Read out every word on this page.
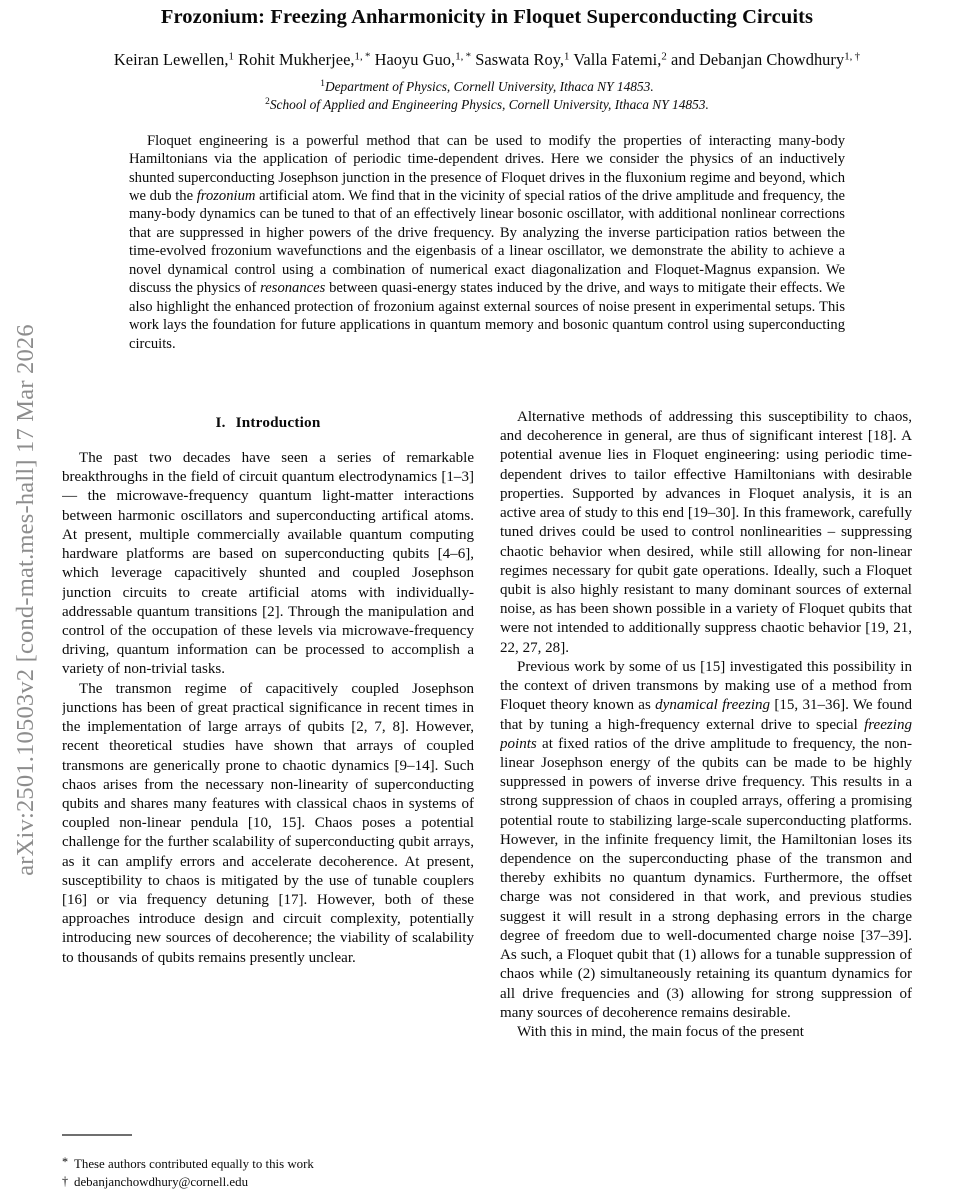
arXiv:2501.10503v2 [cond-mat.mes-hall] 17 Mar 2026
Frozonium: Freezing Anharmonicity in Floquet Superconducting Circuits
Keiran Lewellen,$^1$ Rohit Mukherjee,$^{1, *}$ Haoyu Guo,$^{1, *}$ Saswata Roy,$^1$ Valla Fatemi,$^2$ and Debanjan Chowdhury$^{1, \dagger}$
$^1$Department of Physics, Cornell University, Ithaca NY 14853.
$^2$School of Applied and Engineering Physics, Cornell University, Ithaca NY 14853.

Floquet engineering is a powerful method that can be used to modify the properties of interacting many-body Hamiltonians via the application of periodic time-dependent drives. Here we consider the physics of an inductively shunted superconducting Josephson junction in the presence of Floquet drives in the fluxonium regime and beyond, which we dub the frozonium artificial atom. We find that in the vicinity of special ratios of the drive amplitude and frequency, the many-body dynamics can be tuned to that of an effectively linear bosonic oscillator, with additional nonlinear corrections that are suppressed in higher powers of the drive frequency. By analyzing the inverse participation ratios between the time-evolved frozonium wavefunctions and the eigenbasis of a linear oscillator, we demonstrate the ability to achieve a novel dynamical control using a combination of numerical exact diagonalization and Floquet-Magnus expansion. We discuss the physics of resonances between quasi-energy states induced by the drive, and ways to mitigate their effects. We also highlight the enhanced protection of frozonium against external sources of noise present in experimental setups. This work lays the foundation for future applications in quantum memory and bosonic quantum control using superconducting circuits.

I. Introduction

The past two decades have seen a series of remarkable breakthroughs in the field of circuit quantum electrodynamics [1–3] — the microwave-frequency quantum light-matter interactions between harmonic oscillators and superconducting artifical atoms. At present, multiple commercially available quantum computing hardware platforms are based on superconducting qubits [4–6], which leverage capacitively shunted and coupled Josephson junction circuits to create artificial atoms with individually-addressable quantum transitions [2]. Through the manipulation and control of the occupation of these levels via microwave-frequency driving, quantum information can be processed to accomplish a variety of non-trivial tasks.

The transmon regime of capacitively coupled Josephson junctions has been of great practical significance in recent times in the implementation of large arrays of qubits [2, 7, 8]. However, recent theoretical studies have shown that arrays of coupled transmons are generically prone to chaotic dynamics [9–14]. Such chaos arises from the necessary non-linearity of superconducting qubits and shares many features with classical chaos in systems of coupled non-linear pendula [10, 15]. Chaos poses a potential challenge for the further scalability of superconducting qubit arrays, as it can amplify errors and accelerate decoherence. At present, susceptibility to chaos is mitigated by the use of tunable couplers [16] or via frequency detuning [17]. However, both of these approaches introduce design and circuit complexity, potentially introducing new sources of decoherence; the viability of scalability to thousands of qubits remains presently unclear.

* These authors contributed equally to this work
† debanjanchowdhury@cornell.edu

Alternative methods of addressing this susceptibility to chaos, and decoherence in general, are thus of significant interest [18]. A potential avenue lies in Floquet engineering: using periodic time-dependent drives to tailor effective Hamiltonians with desirable properties. Supported by advances in Floquet analysis, it is an active area of study to this end [19–30]. In this framework, carefully tuned drives could be used to control nonlinearities – suppressing chaotic behavior when desired, while still allowing for non-linear regimes necessary for qubit gate operations. Ideally, such a Floquet qubit is also highly resistant to many dominant sources of external noise, as has been shown possible in a variety of Floquet qubits that were not intended to additionally suppress chaotic behavior [19, 21, 22, 27, 28].

Previous work by some of us [15] investigated this possibility in the context of driven transmons by making use of a method from Floquet theory known as dynamical freezing [15, 31–36]. We found that by tuning a high-frequency external drive to special freezing points at fixed ratios of the drive amplitude to frequency, the non-linear Josephson energy of the qubits can be made to be highly suppressed in powers of inverse drive frequency. This results in a strong suppression of chaos in coupled arrays, offering a promising potential route to stabilizing large-scale superconducting platforms. However, in the infinite frequency limit, the Hamiltonian loses its dependence on the superconducting phase of the transmon and thereby exhibits no quantum dynamics. Furthermore, the offset charge was not considered in that work, and previous studies suggest it will result in a strong dephasing errors in the charge degree of freedom due to well-documented charge noise [37–39]. As such, a Floquet qubit that (1) allows for a tunable suppression of chaos while (2) simultaneously retaining its quantum dynamics for all drive frequencies and (3) allowing for strong suppression of many sources of decoherence remains desirable.

With this in mind, the main focus of the present
